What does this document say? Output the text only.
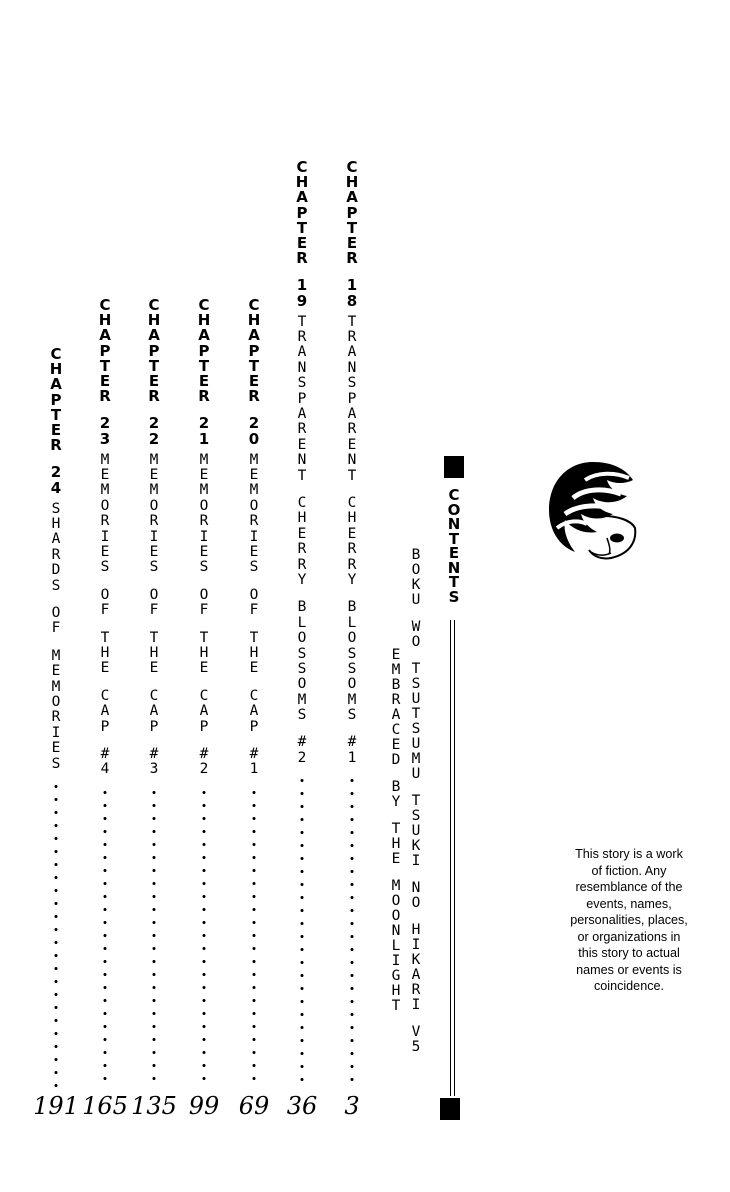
C
H
A
P
T
E
R
1
8
T
R
A
N
S
P
A
R
E
N
T
C
H
E
R
R
Y
B
L
O
S
S
O
M
S
#
1
C
H
A
P
T
E
R
1
9
T
R
A
N
S
P
A
R
E
N
T
C
H
E
R
R
Y
B
L
O
S
S
O
M
S
#
2
C
H
A
P
T
E
R
2
0
M
E
M
O
R
I
E
S
O
F
T
H
E
C
A
P
#
1
C
H
A
P
T
E
R
2
1
M
E
M
O
R
I
E
S
O
F
T
H
E
C
A
P
#
2
C
H
A
P
T
E
R
2
2
M
E
M
O
R
I
E
S
O
F
T
H
E
C
A
P
#
3
C
H
A
P
T
E
R
2
3
M
E
M
O
R
I
E
S
O
F
T
H
E
C
A
P
#
4
C
H
A
P
T
E
R
2
4
S
H
A
R
D
S
O
F
M
E
M
O
R
I
E
S
3
36
69
99
135
165
191
C
O
N
T
E
N
T
S
B
O
K
U
W
O
T
S
U
T
S
U
M
U
T
S
U
K
I
N
O
H
I
K
A
R
I
V
5
E
M
B
R
A
C
E
D
B
Y
T
H
E
M
O
O
N
L
I
G
H
T
This story is a work
of fiction. Any
resemblance of the
events, names,
personalities, places,
or organizations in
this story to actual
names or events is
coincidence.
